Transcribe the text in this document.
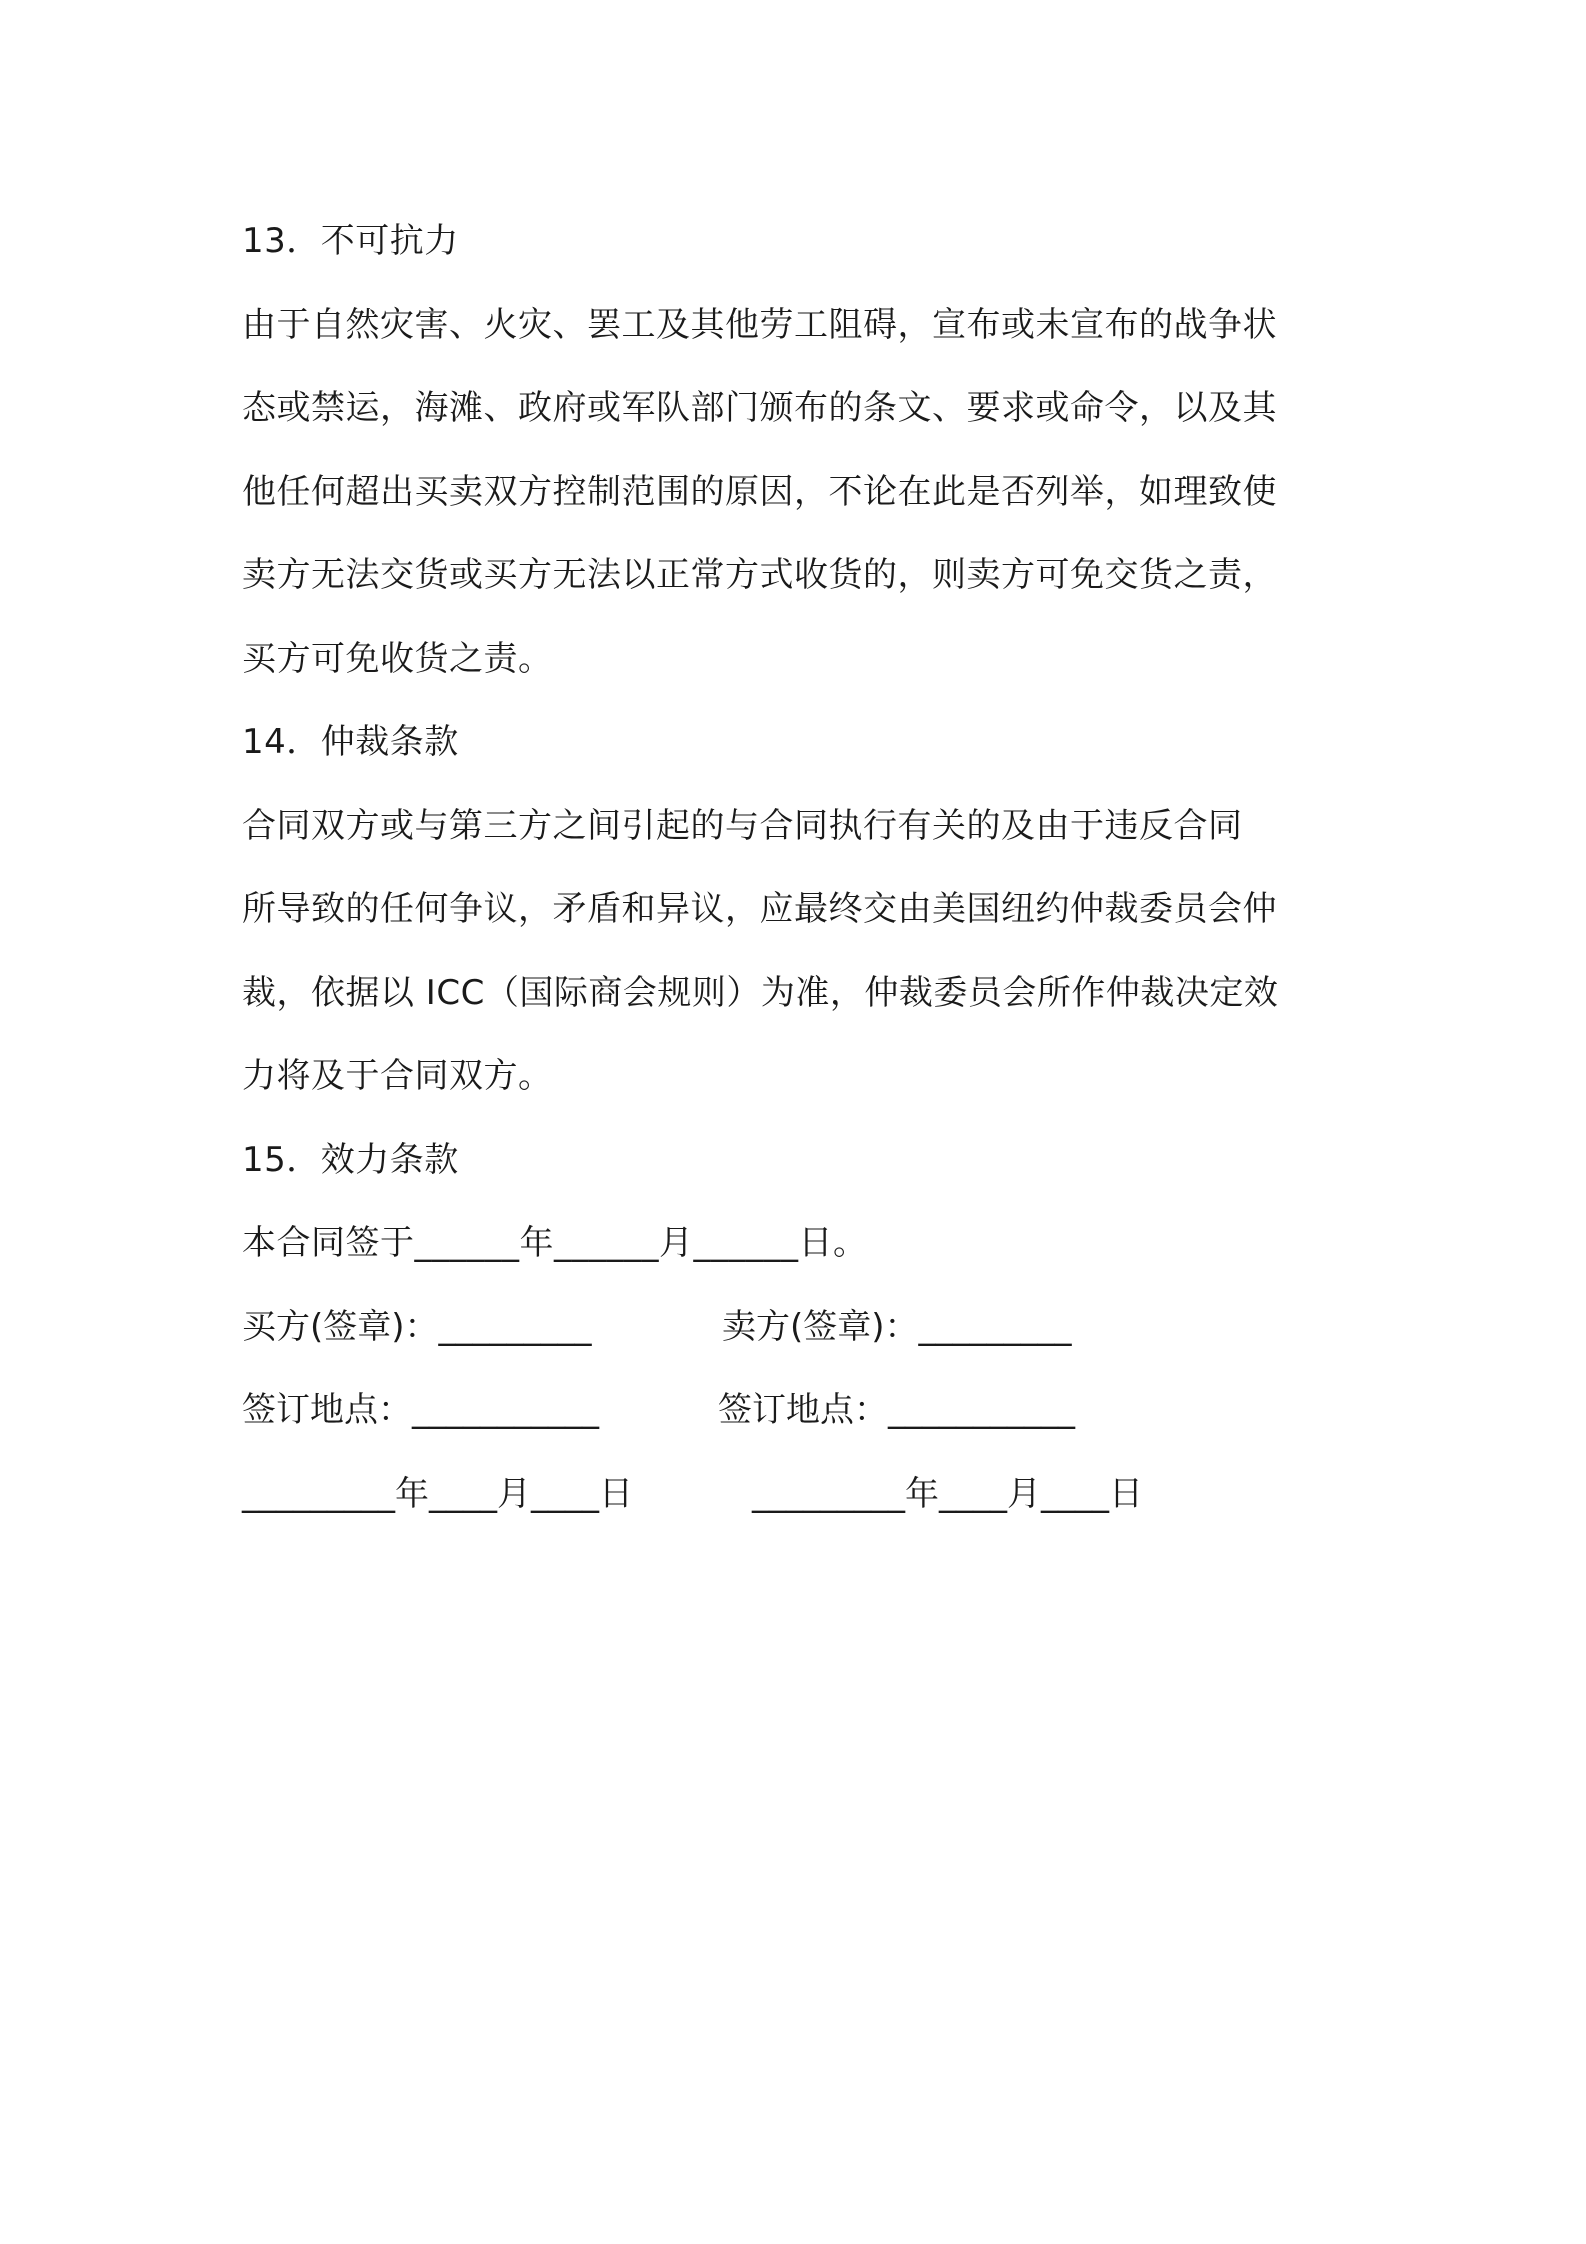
13．不可抗力
由于自然灾害、火灾、罢工及其他劳工阻碍，宣布或未宣布的战争状
态或禁运，海滩、政府或军队部门颁布的条文、要求或命令，以及其
他任何超出买卖双方控制范围的原因，不论在此是否列举，如理致使
卖方无法交货或买方无法以正常方式收货的，则卖方可免交货之责，
买方可免收货之责。
14．仲裁条款
合同双方或与第三方之间引起的与合同执行有关的及由于违反合同
所导致的任何争议，矛盾和异议，应最终交由美国纽约仲裁委员会仲
裁，依据以 ICC（国际商会规则）为准，仲裁委员会所作仲裁决定效
力将及于合同双方。
15．效力条款
本合同签于______年______月______日。
买方(签章)：_________	卖方(签章)：_________
签订地点：___________	签订地点：___________
_________年____月____日	_________年____月____日
